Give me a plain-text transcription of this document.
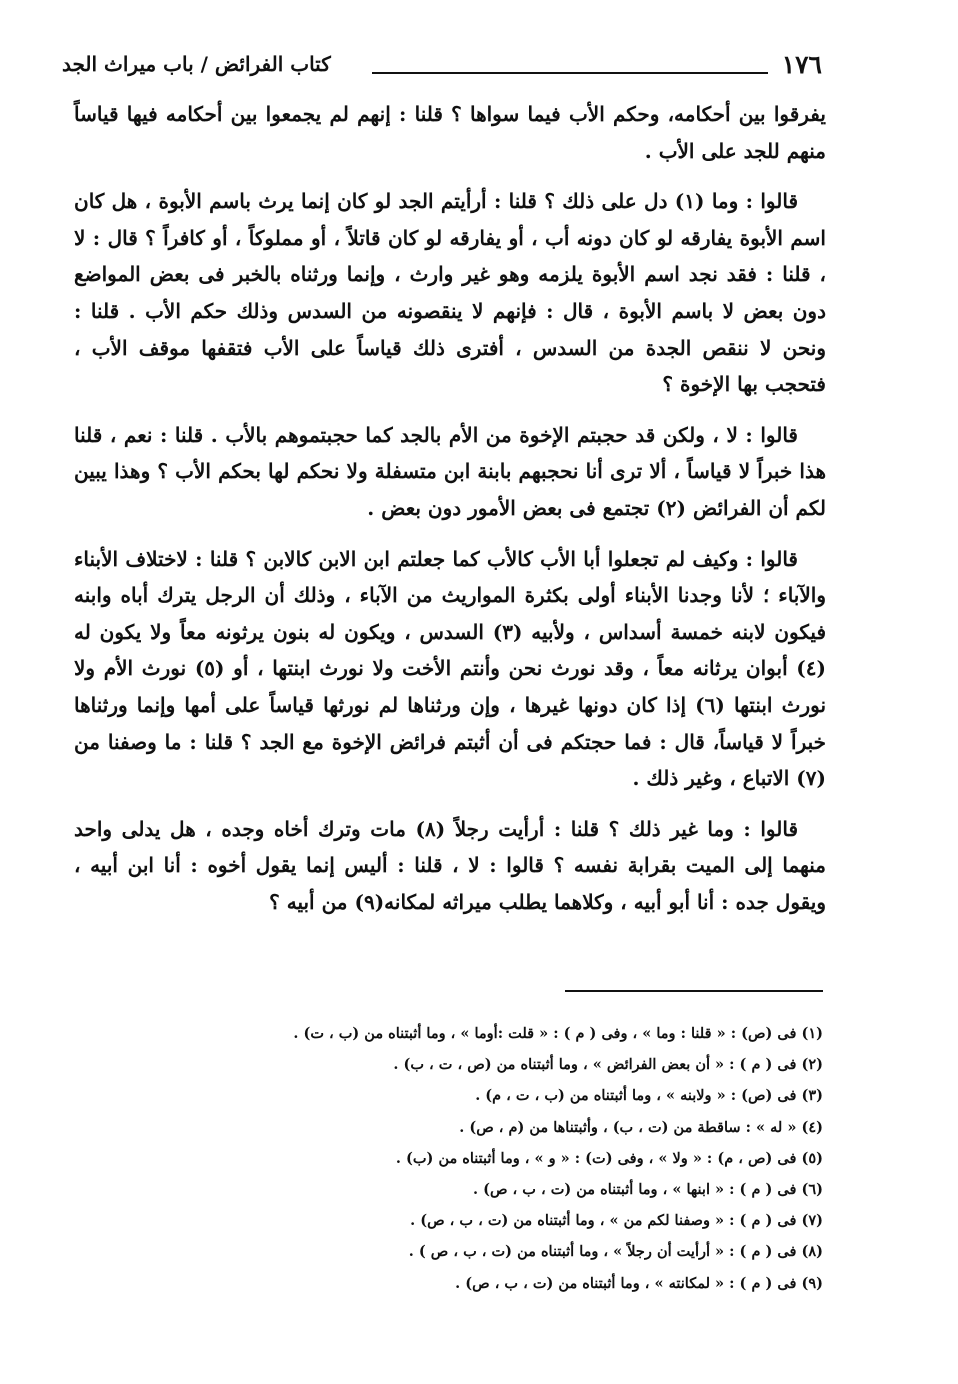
١٧٦
كتاب الفرائض / باب ميراث الجد

يفرقوا بين أحكامه، وحكم الأب فيما سواها ؟ قلنا : إنهم لم يجمعوا بين أحكامه فيها قياساً منهم للجد على الأب .

قالوا : وما (١) دل على ذلك ؟ قلنا : أرأيتم الجد لو كان إنما يرث باسم الأبوة ، هل كان اسم الأبوة يفارقه لو كان دونه أب ، أو يفارقه لو كان قاتلاً ، أو مملوكاً ، أو كافراً ؟ قال : لا ، قلنا : فقد نجد اسم الأبوة يلزمه وهو غير وارث ، وإنما ورثناه بالخبر فى بعض المواضع دون بعض لا باسم الأبوة ، قال : فإنهم لا ينقصونه من السدس وذلك حكم الأب . قلنا : ونحن لا ننقص الجدة من السدس ، أفترى ذلك قياساً على الأب فتقفها موقف الأب ، فتحجب بها الإخوة ؟

قالوا : لا ، ولكن قد حجبتم الإخوة من الأم بالجد كما حجبتموهم بالأب . قلنا : نعم ، قلنا هذا خبراً لا قياساً ، ألا ترى أنا نحجبهم بابنة ابن متسفلة ولا نحكم لها بحكم الأب ؟ وهذا يبين لكم أن الفرائض (٢) تجتمع فى بعض الأمور دون بعض .

قالوا : وكيف لم تجعلوا أبا الأب كالأب كما جعلتم ابن الابن كالابن ؟ قلنا : لاختلاف الأبناء والآباء ؛ لأنا وجدنا الأبناء أولى بكثرة المواريث من الآباء ، وذلك أن الرجل يترك أباه وابنه فيكون لابنه خمسة أسداس ، ولأبيه (٣) السدس ، ويكون له بنون يرثونه معاً ولا يكون له (٤) أبوان يرثانه معاً ، وقد نورث نحن وأنتم الأخت ولا نورث ابنتها ، أو (٥) نورث الأم ولا نورث ابنتها (٦) إذا كان دونها غيرها ، وإن ورثناها لم نورثها قياساً على أمها وإنما ورثناها خبراً لا قياساً، قال : فما حجتكم فى أن أثبتم فرائض الإخوة مع الجد ؟ قلنا : ما وصفنا من (٧) الاتباع ، وغير ذلك .

قالوا : وما غير ذلك ؟ قلنا : أرأيت رجلاً (٨) مات وترك أخاه وجده ، هل يدلى واحد منهما إلى الميت بقرابة نفسه ؟ قالوا : لا ، قلنا : أليس إنما يقول أخوه : أنا ابن أبيه ، ويقول جده : أنا أبو أبيه ، وكلاهما يطلب ميراثه لمكانه(٩) من أبيه ؟

(١) فى (ص) : « قلنا : وما » ، وفى ( م ) : « قلت :أوما » ، وما أثبتناه من (ب ، ت) .
(٢) فى ( م ) : « أن بعض الفرائض » ، وما أثبتناه من (ص ، ت ، ب) .
(٣) فى (ص) : « ولابنه » ، وما أثبتناه من (ب ، ت ، م) .
(٤) « له » : ساقطة من (ت ، ب) ، وأثبتناها من (م ، ص) .
(٥) فى (ص ، م) : « ولا » ، وفى (ت) : « و » ، وما أثبتناه من (ب) .
(٦) فى ( م ) : « ابنها » ، وما أثبتناه من (ت ، ب ، ص) .
(٧) فى ( م ) : « وصفنا لكم من » ، وما أثبتناه من (ت ، ب ، ص) .
(٨) فى ( م ) : « أرأيت أن رجلاً » ، وما أثبتناه من (ت ، ب ، ص ) .
(٩) فى ( م ) : « لمكانته » ، وما أثبتناه من (ت ، ب ، ص) .
